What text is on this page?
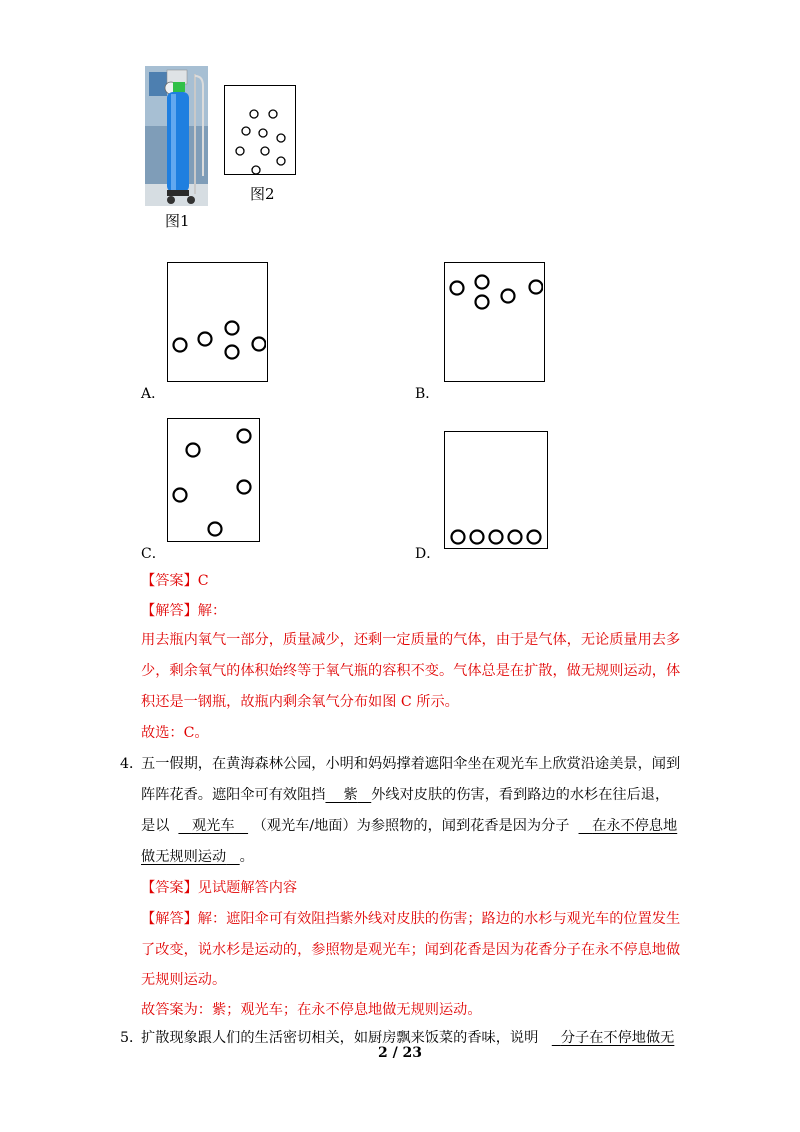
图1
图2
A．	B．
C．	D．
【答案】C
【解答】解：
用去瓶内氧气一部分，质量减少，还剩一定质量的气体，由于是气体，无论质量用去多
少，剩余氧气的体积始终等于氧气瓶的容积不变。气体总是在扩散，做无规则运动，体
积还是一钢瓶，故瓶内剩余氧气分布如图 C 所示。
故选：C。
4．
五一假期，在黄海森林公园，小明和妈妈撑着遮阳伞坐在观光车上欣赏沿途美景，闻到
阵阵花香。遮阳伞可有效阻挡 紫 外线对皮肤的伤害，看到路边的水杉在往后退，
是以 观光车 （观光车/地面）为参照物的，闻到花香是因为分子 在永不停息地
做无规则运动 。
【答案】见试题解答内容
【解答】解：遮阳伞可有效阻挡紫外线对皮肤的伤害；路边的水杉与观光车的位置发生
了改变，说水杉是运动的，参照物是观光车；闻到花香是因为花香分子在永不停息地做
无规则运动。
故答案为：紫；观光车；在永不停息地做无规则运动。
5．
扩散现象跟人们的生活密切相关，如厨房飘来饭菜的香味，说明 分子在不停地做无
2 / 23
